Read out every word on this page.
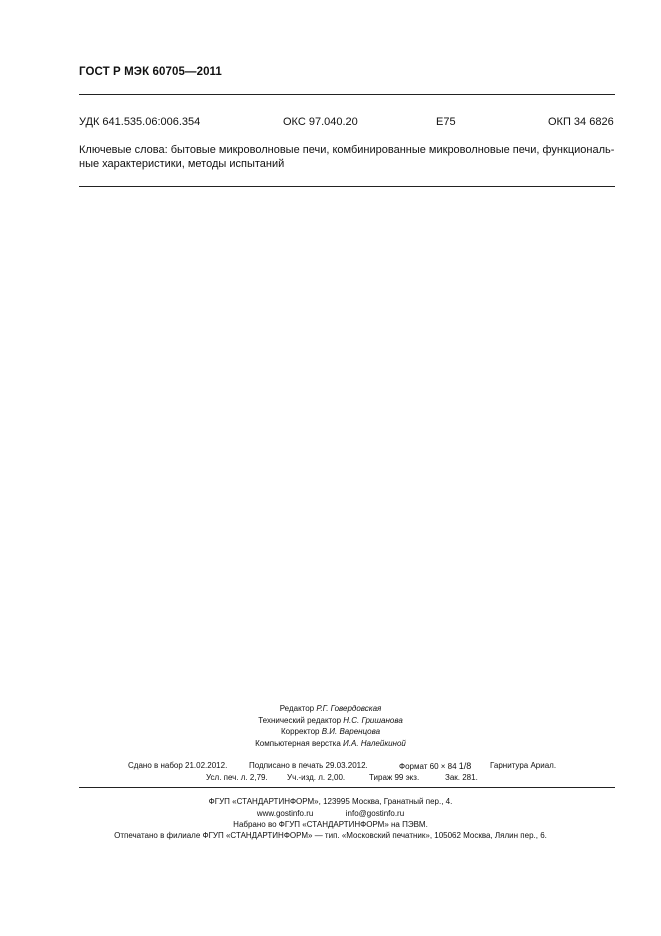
ГОСТ Р МЭК 60705—2011
УДК 641.535.06:006.354	ОКС 97.040.20	Е75	ОКП 34 6826
Ключевые слова: бытовые микроволновые печи, комбинированные микроволновые печи, функциональ-ные характеристики, методы испытаний
Редактор Р.Г. Говердовская
Технический редактор Н.С. Гришанова
Корректор В.И. Варенцова
Компьютерная верстка И.А. Налейкиной
Сдано в набор 21.02.2012.	Подписано в печать 29.03.2012.	Формат 60 × 84 1/8 Гарнитура Ариал.
Усл. печ. л. 2,79. Уч.-изд. л. 2,00.	Тираж 99 экз.	Зак. 281.
ФГУП «СТАНДАРТИНФОРМ», 123995 Москва, Гранатный пер., 4.
www.gostinfo.ru	info@gostinfo.ru
Набрано во ФГУП «СТАНДАРТИНФОРМ» на ПЭВМ.
Отпечатано в филиале ФГУП «СТАНДАРТИНФОРМ» — тип. «Московский печатник», 105062 Москва, Лялин пер., 6.
